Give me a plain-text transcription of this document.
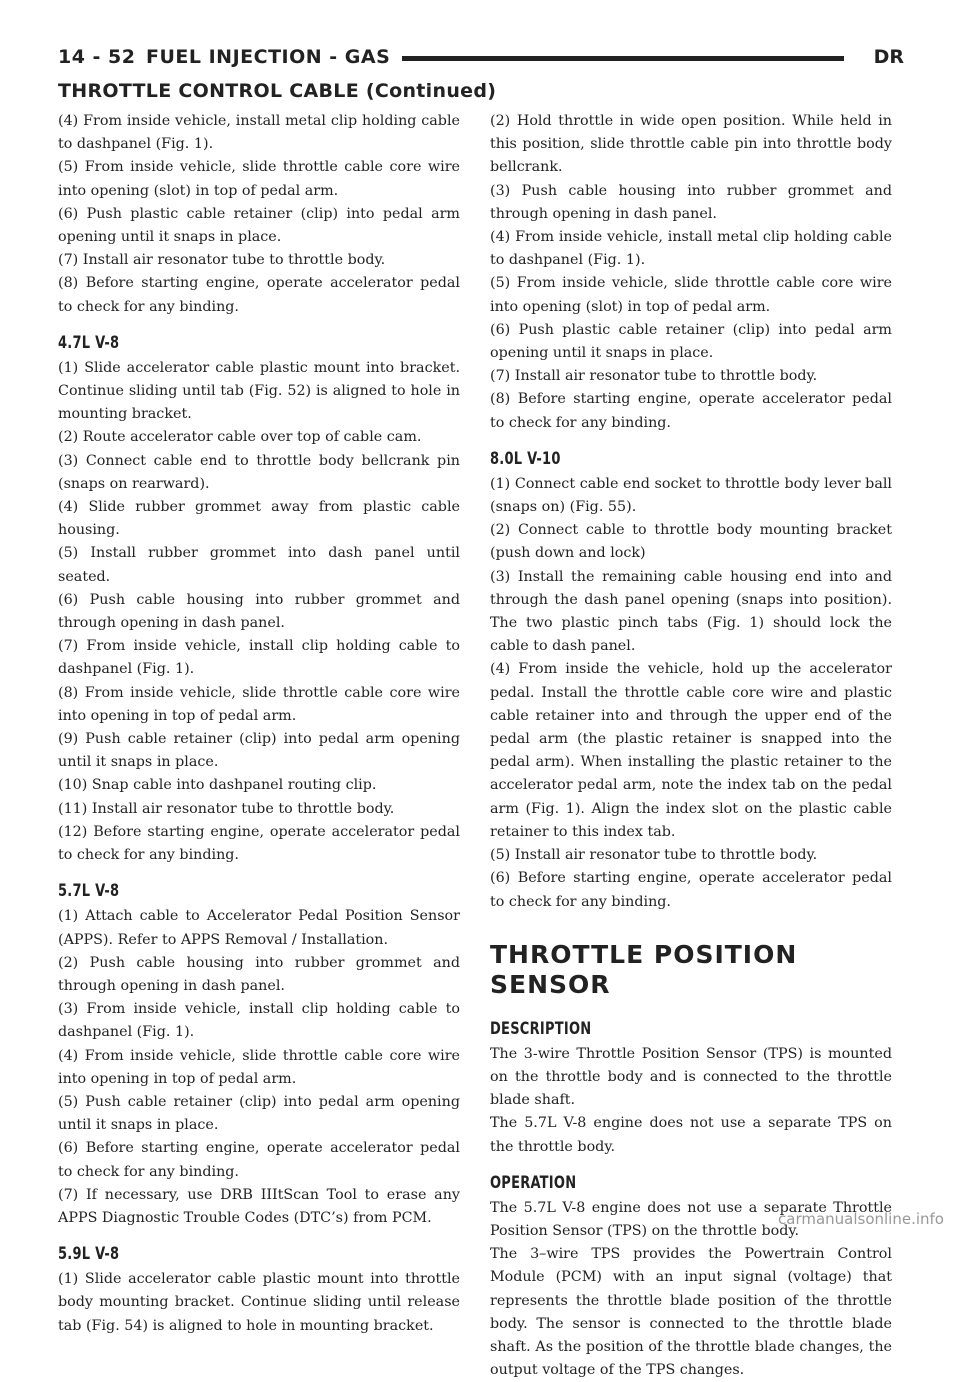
14 - 52 FUEL INJECTION - GAS	DR
THROTTLE CONTROL CABLE (Continued)
(4) From inside vehicle, install metal clip holding cable to dashpanel (Fig. 1).
(5) From inside vehicle, slide throttle cable core wire into opening (slot) in top of pedal arm.
(6) Push plastic cable retainer (clip) into pedal arm opening until it snaps in place.
(7) Install air resonator tube to throttle body.
(8) Before starting engine, operate accelerator pedal to check for any binding.
4.7L V-8
(1) Slide accelerator cable plastic mount into bracket. Continue sliding until tab (Fig. 52) is aligned to hole in mounting bracket.
(2) Route accelerator cable over top of cable cam.
(3) Connect cable end to throttle body bellcrank pin (snaps on rearward).
(4) Slide rubber grommet away from plastic cable housing.
(5) Install rubber grommet into dash panel until seated.
(6) Push cable housing into rubber grommet and through opening in dash panel.
(7) From inside vehicle, install clip holding cable to dashpanel (Fig. 1).
(8) From inside vehicle, slide throttle cable core wire into opening in top of pedal arm.
(9) Push cable retainer (clip) into pedal arm opening until it snaps in place.
(10) Snap cable into dashpanel routing clip.
(11) Install air resonator tube to throttle body.
(12) Before starting engine, operate accelerator pedal to check for any binding.
5.7L V-8
(1) Attach cable to Accelerator Pedal Position Sensor (APPS). Refer to APPS Removal / Installation.
(2) Push cable housing into rubber grommet and through opening in dash panel.
(3) From inside vehicle, install clip holding cable to dashpanel (Fig. 1).
(4) From inside vehicle, slide throttle cable core wire into opening in top of pedal arm.
(5) Push cable retainer (clip) into pedal arm opening until it snaps in place.
(6) Before starting engine, operate accelerator pedal to check for any binding.
(7) If necessary, use DRB IIItScan Tool to erase any APPS Diagnostic Trouble Codes (DTC’s) from PCM.
5.9L V-8
(1) Slide accelerator cable plastic mount into throttle body mounting bracket. Continue sliding until release tab (Fig. 54) is aligned to hole in mounting bracket.
(2) Hold throttle in wide open position. While held in this position, slide throttle cable pin into throttle body bellcrank.
(3) Push cable housing into rubber grommet and through opening in dash panel.
(4) From inside vehicle, install metal clip holding cable to dashpanel (Fig. 1).
(5) From inside vehicle, slide throttle cable core wire into opening (slot) in top of pedal arm.
(6) Push plastic cable retainer (clip) into pedal arm opening until it snaps in place.
(7) Install air resonator tube to throttle body.
(8) Before starting engine, operate accelerator pedal to check for any binding.
8.0L V-10
(1) Connect cable end socket to throttle body lever ball (snaps on) (Fig. 55).
(2) Connect cable to throttle body mounting bracket (push down and lock)
(3) Install the remaining cable housing end into and through the dash panel opening (snaps into position). The two plastic pinch tabs (Fig. 1) should lock the cable to dash panel.
(4) From inside the vehicle, hold up the accelerator pedal. Install the throttle cable core wire and plastic cable retainer into and through the upper end of the pedal arm (the plastic retainer is snapped into the pedal arm). When installing the plastic retainer to the accelerator pedal arm, note the index tab on the pedal arm (Fig. 1). Align the index slot on the plastic cable retainer to this index tab.
(5) Install air resonator tube to throttle body.
(6) Before starting engine, operate accelerator pedal to check for any binding.
THROTTLE POSITION SENSOR
DESCRIPTION
The 3-wire Throttle Position Sensor (TPS) is mounted on the throttle body and is connected to the throttle blade shaft.
The 5.7L V-8 engine does not use a separate TPS on the throttle body.
OPERATION
The 5.7L V-8 engine does not use a separate Throttle Position Sensor (TPS) on the throttle body.
The 3–wire TPS provides the Powertrain Control Module (PCM) with an input signal (voltage) that represents the throttle blade position of the throttle body. The sensor is connected to the throttle blade shaft. As the position of the throttle blade changes, the output voltage of the TPS changes.
carmanualsonline.info
